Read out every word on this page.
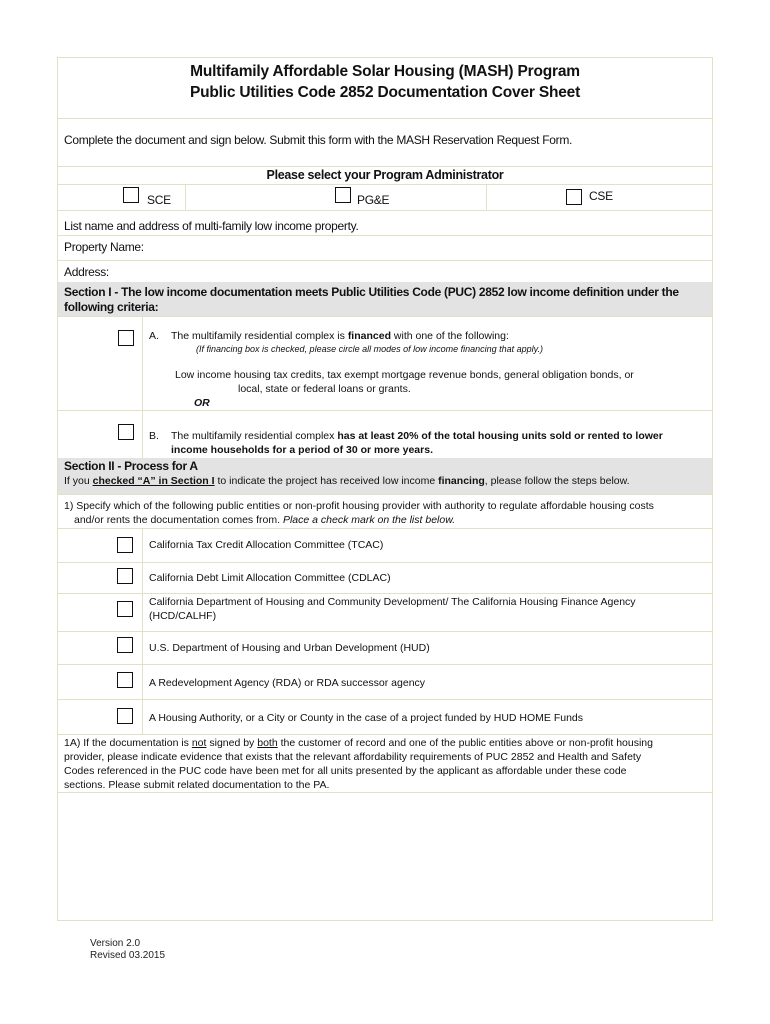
Multifamily Affordable Solar Housing (MASH) Program
Public Utilities Code 2852 Documentation Cover Sheet
Complete the document and sign below. Submit this form with the MASH Reservation Request Form.
Please select your Program Administrator
SCE	PG&E	CSE
List name and address of multi-family low income property.
Property Name:
Address:
Section I - The low income documentation meets Public Utilities Code (PUC) 2852 low income definition under the
following criteria:
A. The multifamily residential complex is financed with one of the following:
(If financing box is checked, please circle all modes of low income financing that apply.)
Low income housing tax credits, tax exempt mortgage revenue bonds, general obligation bonds, or
local, state or federal loans or grants.
OR
B. The multifamily residential complex has at least 20% of the total housing units sold or rented to lower
income households for a period of 30 or more years.
Section II - Process for A
If you checked “A” in Section I to indicate the project has received low income financing, please follow the steps below.
1) Specify which of the following public entities or non-profit housing provider with authority to regulate affordable housing costs
and/or rents the documentation comes from. Place a check mark on the list below.
California Tax Credit Allocation Committee (TCAC)
California Debt Limit Allocation Committee (CDLAC)
California Department of Housing and Community Development/ The California Housing Finance Agency
(HCD/CALHF)
U.S. Department of Housing and Urban Development (HUD)
A Redevelopment Agency (RDA) or RDA successor agency
A Housing Authority, or a City or County in the case of a project funded by HUD HOME Funds
1A) If the documentation is not signed by both the customer of record and one of the public entities above or non-profit housing
provider, please indicate evidence that exists that the relevant affordability requirements of PUC 2852 and Health and Safety
Codes referenced in the PUC code have been met for all units presented by the applicant as affordable under these code
sections. Please submit related documentation to the PA.
Version 2.0
Revised 03.2015
